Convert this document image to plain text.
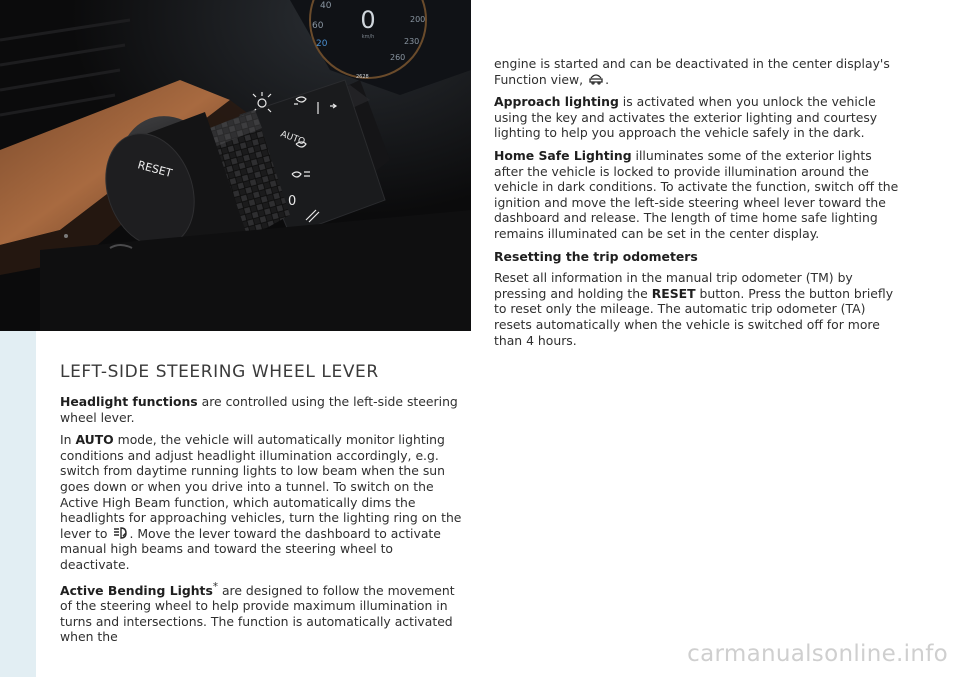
0
km/h
40
60
20
200
230
260
2628
AUTO
0
RESET
LEFT-SIDE STEERING WHEEL LEVER

Headlight functions are controlled using the left-side steering wheel lever.

In AUTO mode, the vehicle will automatically monitor lighting conditions and adjust headlight illumination accordingly, e.g. switch from daytime running lights to low beam when the sun goes down or when you drive into a tunnel. To switch on the Active High Beam function, which automatically dims the headlights for approaching vehicles, turn the lighting ring on the lever to . Move the lever toward the dashboard to activate manual high beams and toward the steering wheel to deactivate.

Active Bending Lights* are designed to follow the movement of the steering wheel to help provide maximum illumination in turns and intersections. The function is automatically activated when the

engine is started and can be deactivated in the center display's Function view, .

Approach lighting is activated when you unlock the vehicle using the key and activates the exterior lighting and courtesy lighting to help you approach the vehicle safely in the dark.

Home Safe Lighting illuminates some of the exterior lights after the vehicle is locked to provide illumination around the vehicle in dark conditions. To activate the function, switch off the ignition and move the left-side steering wheel lever toward the dashboard and release. The length of time home safe lighting remains illuminated can be set in the center display.

Resetting the trip odometers

Reset all information in the manual trip odometer (TM) by pressing and holding the RESET button. Press the button briefly to reset only the mileage. The automatic trip odometer (TA) resets automatically when the vehicle is switched off for more than 4 hours.

carmanualsonline.info
